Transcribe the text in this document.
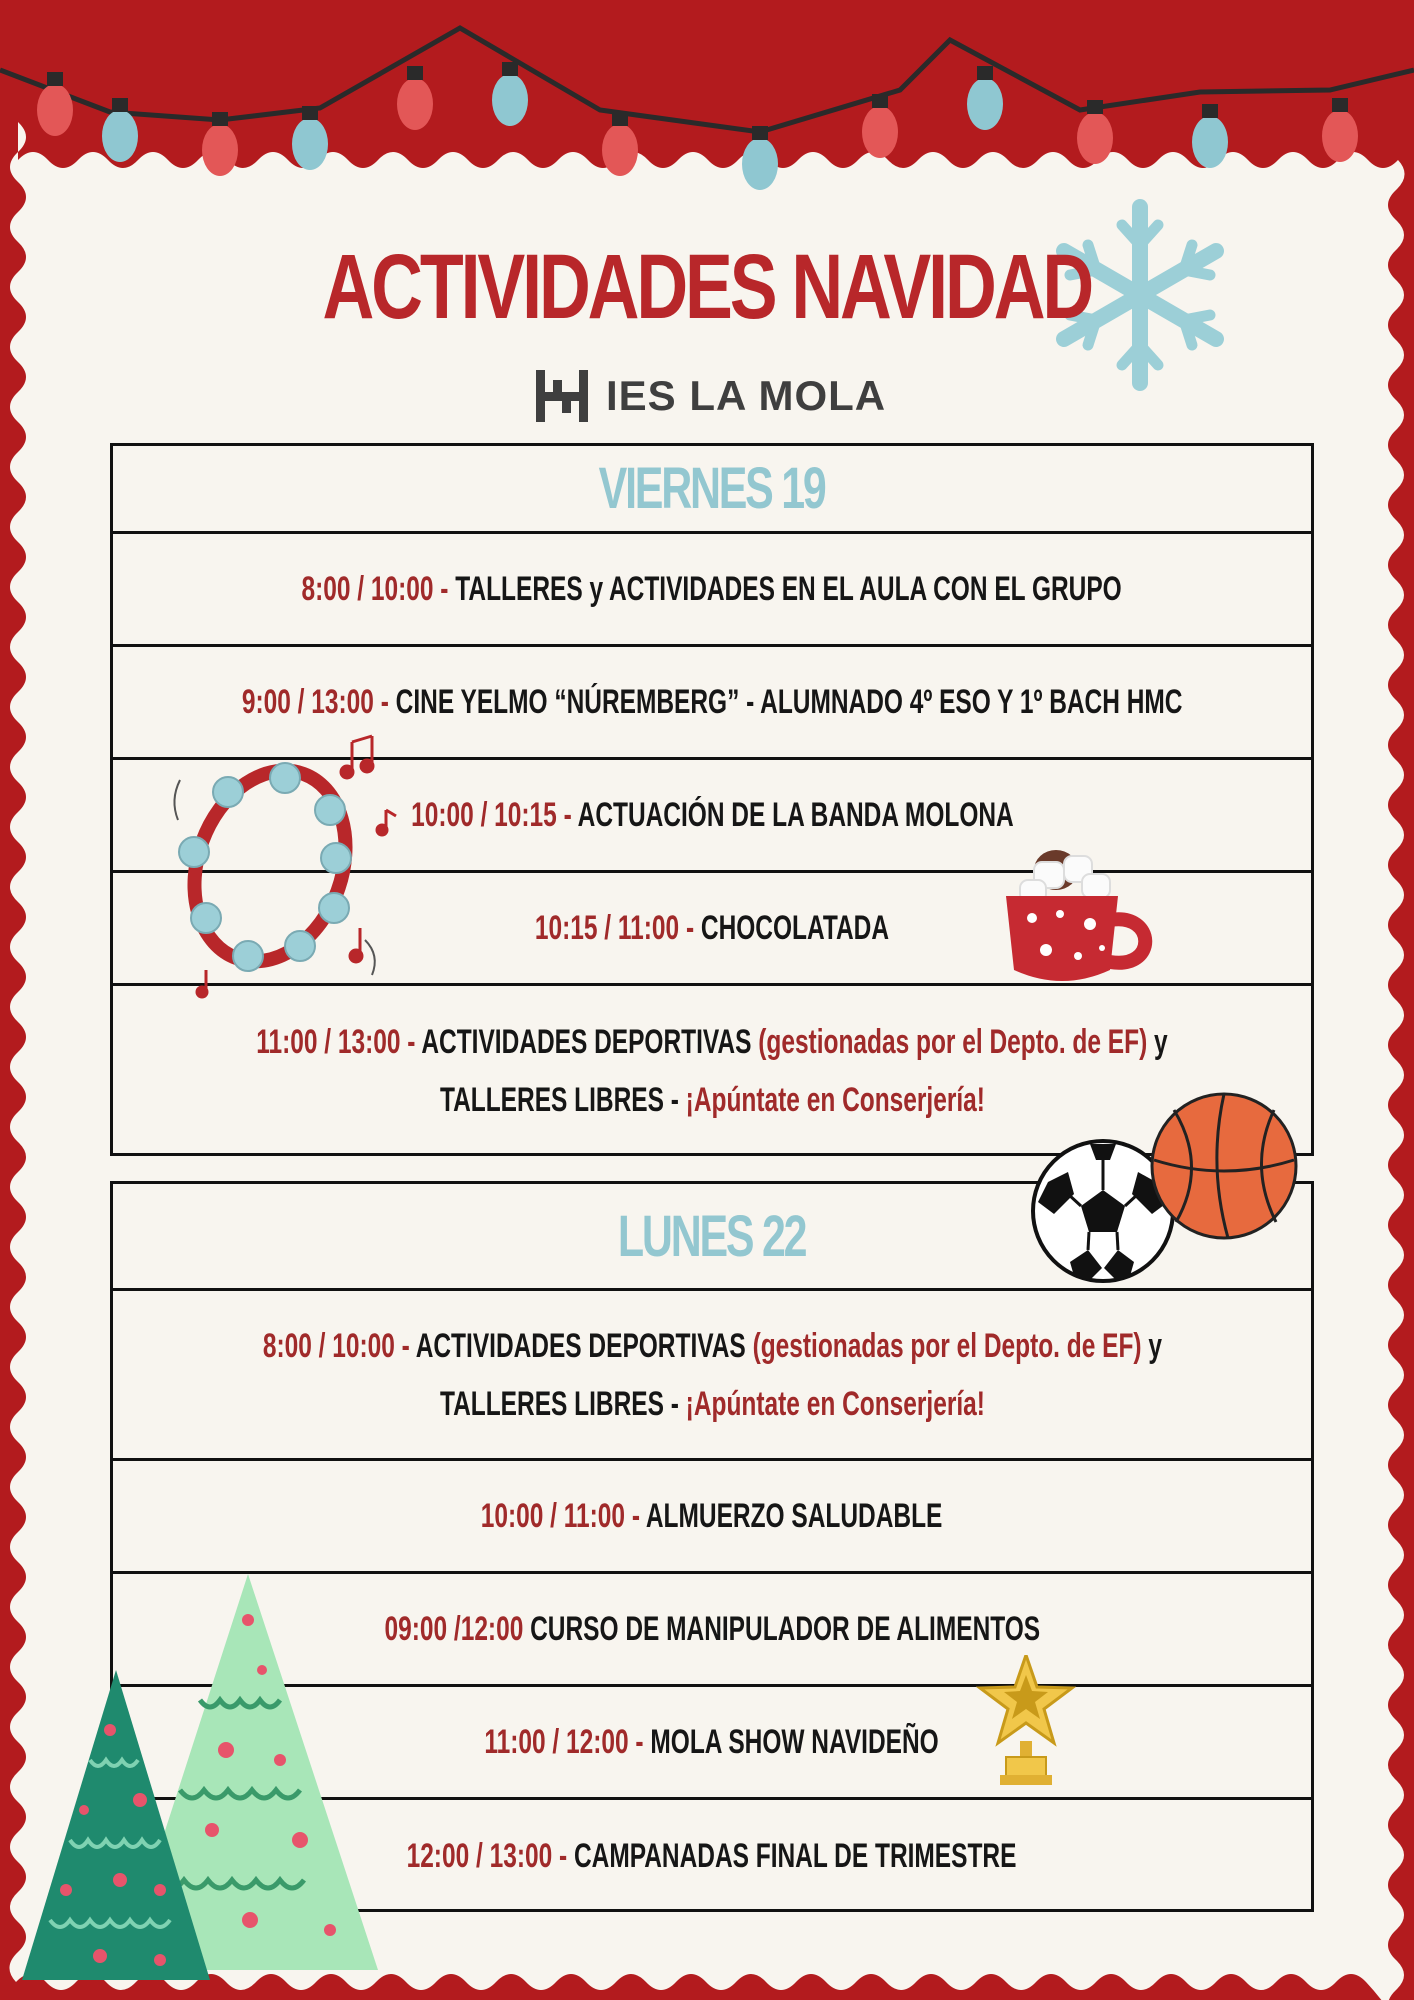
ACTIVIDADES NAVIDAD
IES LA MOLA
VIERNES 19
8:00 / 10:00 - TALLERES y ACTIVIDADES EN EL AULA CON EL GRUPO
9:00 / 13:00 - CINE YELMO “NÚREMBERG” - ALUMNADO 4º ESO Y 1º BACH HMC
10:00 / 10:15 - ACTUACIÓN DE LA BANDA MOLONA
10:15 / 11:00 - CHOCOLATADA
11:00 / 13:00 - ACTIVIDADES DEPORTIVAS (gestionadas por el Depto. de EF) y
TALLERES LIBRES - ¡Apúntate en Conserjería!
LUNES 22
8:00 / 10:00 - ACTIVIDADES DEPORTIVAS (gestionadas por el Depto. de EF) y
TALLERES LIBRES - ¡Apúntate en Conserjería!
10:00 / 11:00 - ALMUERZO SALUDABLE
09:00 /12:00 CURSO DE MANIPULADOR DE ALIMENTOS
11:00 / 12:00 - MOLA SHOW NAVIDEÑO
12:00 / 13:00 - CAMPANADAS FINAL DE TRIMESTRE
